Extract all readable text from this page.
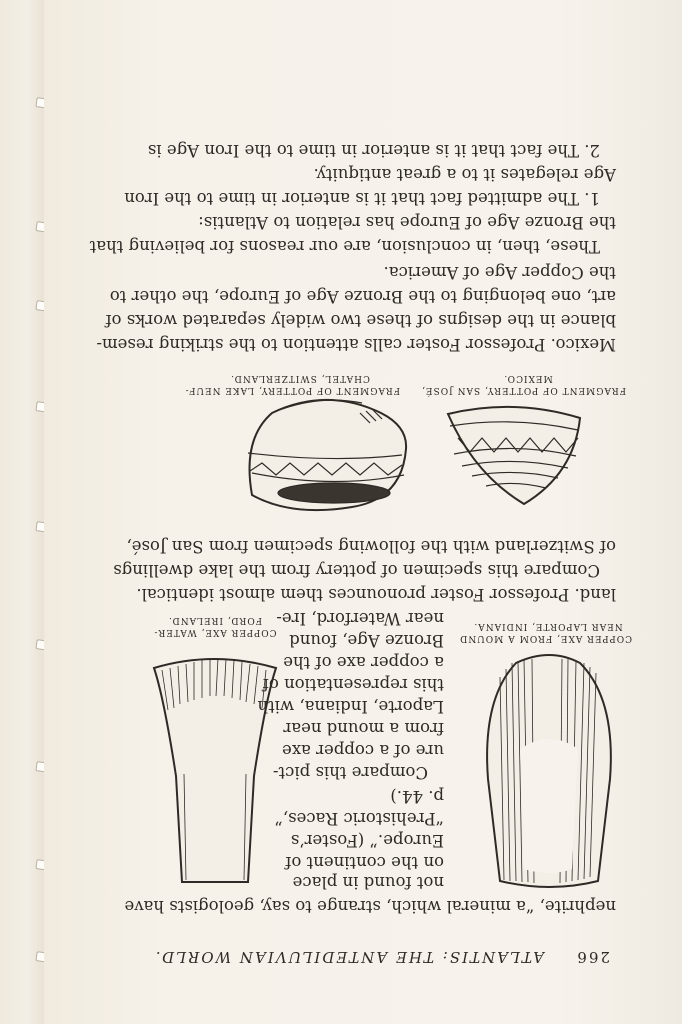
266
ATLANTIS: THE ANTEDILUVIAN WORLD.
nephrite, “a mineral which, strange to say, geologists have
COPPER AXE, FROM A MOUND
NEAR LAPORTE, INDIANA.
COPPER AXE, WATER-
FORD, IRELAND.
not found in place
on the continent of
Europe.” (Foster’s
“Prehistoric Races,”
p. 44.)
Compare this pict-
ure of a copper axe
from a mound near
Laporte, Indiana, with
this representation of
a copper axe of the
Bronze Age, found
near Waterford, Ire-
land. Professor Foster pronounces them almost identical.
Compare this specimen of pottery from the lake dwellings
of Switzerland with the following specimen from San José,
FRAGMENT OF POTTERY, SAN JOSÉ,
MEXICO.
FRAGMENT OF POTTERY, LAKE NEUF-
CHATEL, SWITZERLAND.
Mexico. Professor Foster calls attention to the striking resem-
blance in the designs of these two widely separated works of
art, one belonging to the Bronze Age of Europe, the other to
the Copper Age of America.
These, then, in conclusion, are our reasons for believing that
the Bronze Age of Europe has relation to Atlantis:
1. The admitted fact that it is anterior in time to the Iron
Age relegates it to a great antiquity.
2. The fact that it is anterior in time to the Iron Age is
